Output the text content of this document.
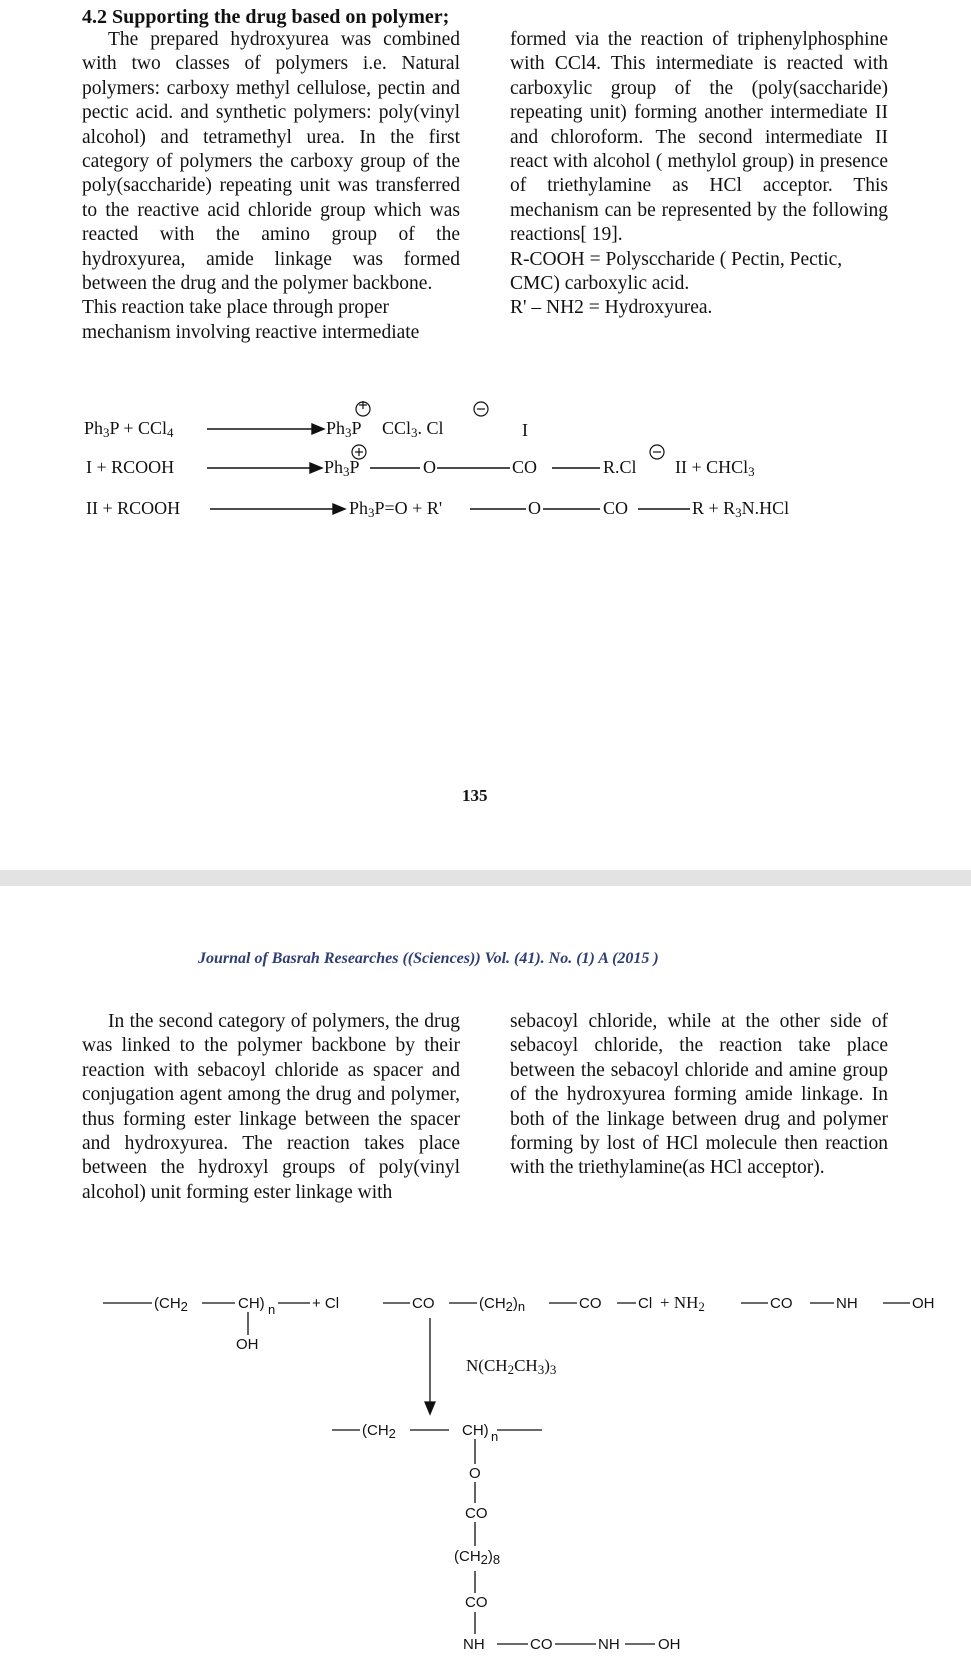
4.2 Supporting the drug based on polymer;

The prepared hydroxyurea was combined with two classes of polymers i.e. Natural polymers: carboxy methyl cellulose, pectin and pectic acid. and synthetic polymers: poly(vinyl alcohol) and tetramethyl urea. In the first category of polymers the carboxy group of the poly(saccharide) repeating unit was transferred to the reactive acid chloride group which was reacted with the amino group of the hydroxyurea, amide linkage was formed between the drug and the polymer backbone.

This reaction take place through proper mechanism involving reactive intermediate

formed via the reaction of triphenylphosphine with CCl4. This intermediate is reacted with carboxylic group of the (poly(saccharide) repeating unit) forming another intermediate II and chloroform. The second intermediate II react with alcohol ( methylol group) in presence of triethylamine as HCl acceptor. This mechanism can be represented by the following reactions[ 19].

R-COOH = Polysccharide ( Pectin, Pectic, CMC) carboxylic acid.

R' – NH2 = Hydroxyurea.

$Ph_3P + CCl_4$	$Ph_3P$ CCl$_3$. Cl	I
I + RCOOH	$Ph_3P$	O	CO	R.Cl II + CHCl$_3$
II + RCOOH	$Ph_3P=O + R'$	O	CO	$R + R_3N.HCl$
135
Journal of Basrah Researches ((Sciences)) Vol. (41). No. (1) A (2015 )

In the second category of polymers, the drug was linked to the polymer backbone by their reaction with sebacoyl chloride as spacer and conjugation agent among the drug and polymer, thus forming ester linkage between the spacer and hydroxyurea. The reaction takes place between the hydroxyl groups of poly(vinyl alcohol) unit forming ester linkage with

sebacoyl chloride, while at the other side of sebacoyl chloride, the reaction take place between the sebacoyl chloride and amine group of the hydroxyurea forming amide linkage. In both of the linkage between drug and polymer forming by lost of HCl molecule then reaction with the triethylamine(as HCl acceptor).

($CH_2$	CH) n
OH
+ Cl	CO	$(CH_2)_n$	CO $Cl + NH_2$	CO	NH	OH
$N(CH_2CH_3)_3$
($CH_2$	CH) n
O
CO
$(CH_2)_8$
CO
NH	CO	NH	OH
